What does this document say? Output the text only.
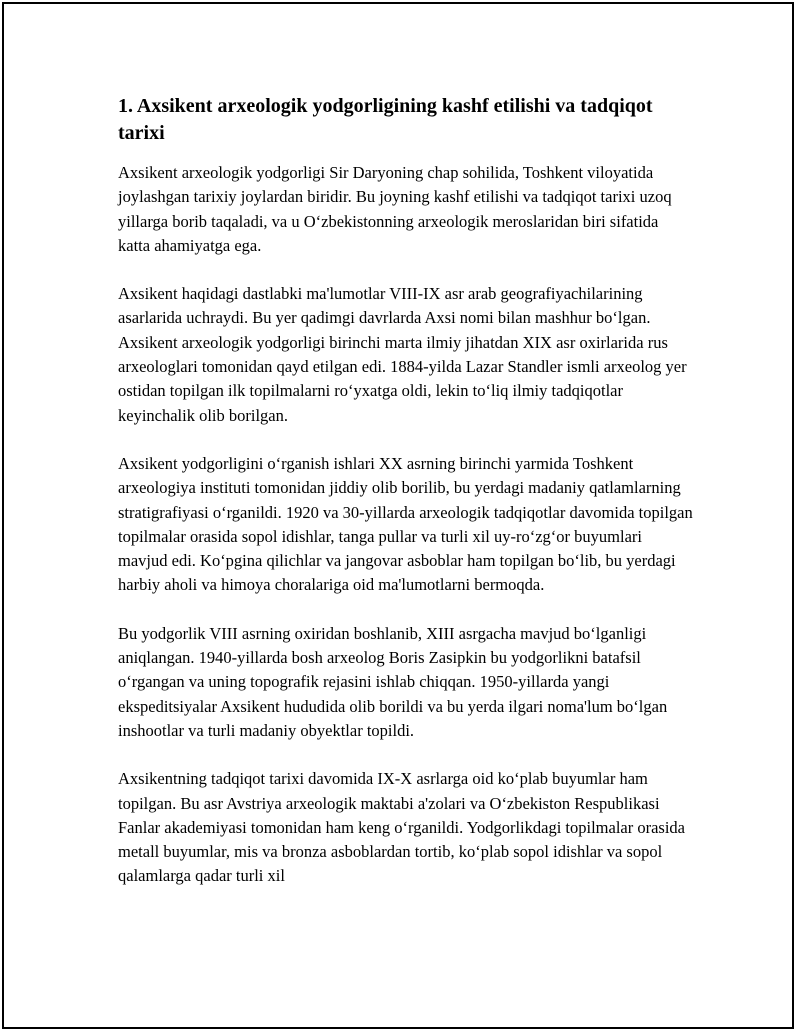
1. Axsikent arxeologik yodgorligining kashf etilishi va tadqiqot tarixi

Axsikent arxeologik yodgorligi Sir Daryoning chap sohilida, Toshkent viloyatida joylashgan tarixiy joylardan biridir. Bu joyning kashf etilishi va tadqiqot tarixi uzoq yillarga borib taqaladi, va u O‘zbekistonning arxeologik meroslaridan biri sifatida katta ahamiyatga ega.

Axsikent haqidagi dastlabki ma'lumotlar VIII-IX asr arab geografiyachilarining asarlarida uchraydi. Bu yer qadimgi davrlarda Axsi nomi bilan mashhur bo‘lgan. Axsikent arxeologik yodgorligi birinchi marta ilmiy jihatdan XIX asr oxirlarida rus arxeologlari tomonidan qayd etilgan edi. 1884-yilda Lazar Standler ismli arxeolog yer ostidan topilgan ilk topilmalarni ro‘yxatga oldi, lekin to‘liq ilmiy tadqiqotlar keyinchalik olib borilgan.

Axsikent yodgorligini o‘rganish ishlari XX asrning birinchi yarmida Toshkent arxeologiya instituti tomonidan jiddiy olib borilib, bu yerdagi madaniy qatlamlarning stratigrafiyasi o‘rganildi. 1920 va 30-yillarda arxeologik tadqiqotlar davomida topilgan topilmalar orasida sopol idishlar, tanga pullar va turli xil uy-ro‘zg‘or buyumlari mavjud edi. Ko‘pgina qilichlar va jangovar asboblar ham topilgan bo‘lib, bu yerdagi harbiy aholi va himoya choralariga oid ma'lumotlarni bermoqda.

Bu yodgorlik VIII asrning oxiridan boshlanib, XIII asrgacha mavjud bo‘lganligi aniqlangan. 1940-yillarda bosh arxeolog Boris Zasipkin bu yodgorlikni batafsil o‘rgangan va uning topografik rejasini ishlab chiqqan. 1950-yillarda yangi ekspeditsiyalar Axsikent hududida olib borildi va bu yerda ilgari noma'lum bo‘lgan inshootlar va turli madaniy obyektlar topildi.

Axsikentning tadqiqot tarixi davomida IX-X asrlarga oid ko‘plab buyumlar ham topilgan. Bu asr Avstriya arxeologik maktabi a'zolari va O‘zbekiston Respublikasi Fanlar akademiyasi tomonidan ham keng o‘rganildi. Yodgorlikdagi topilmalar orasida metall buyumlar, mis va bronza asboblardan tortib, ko‘plab sopol idishlar va sopol qalamlarga qadar turli xil
